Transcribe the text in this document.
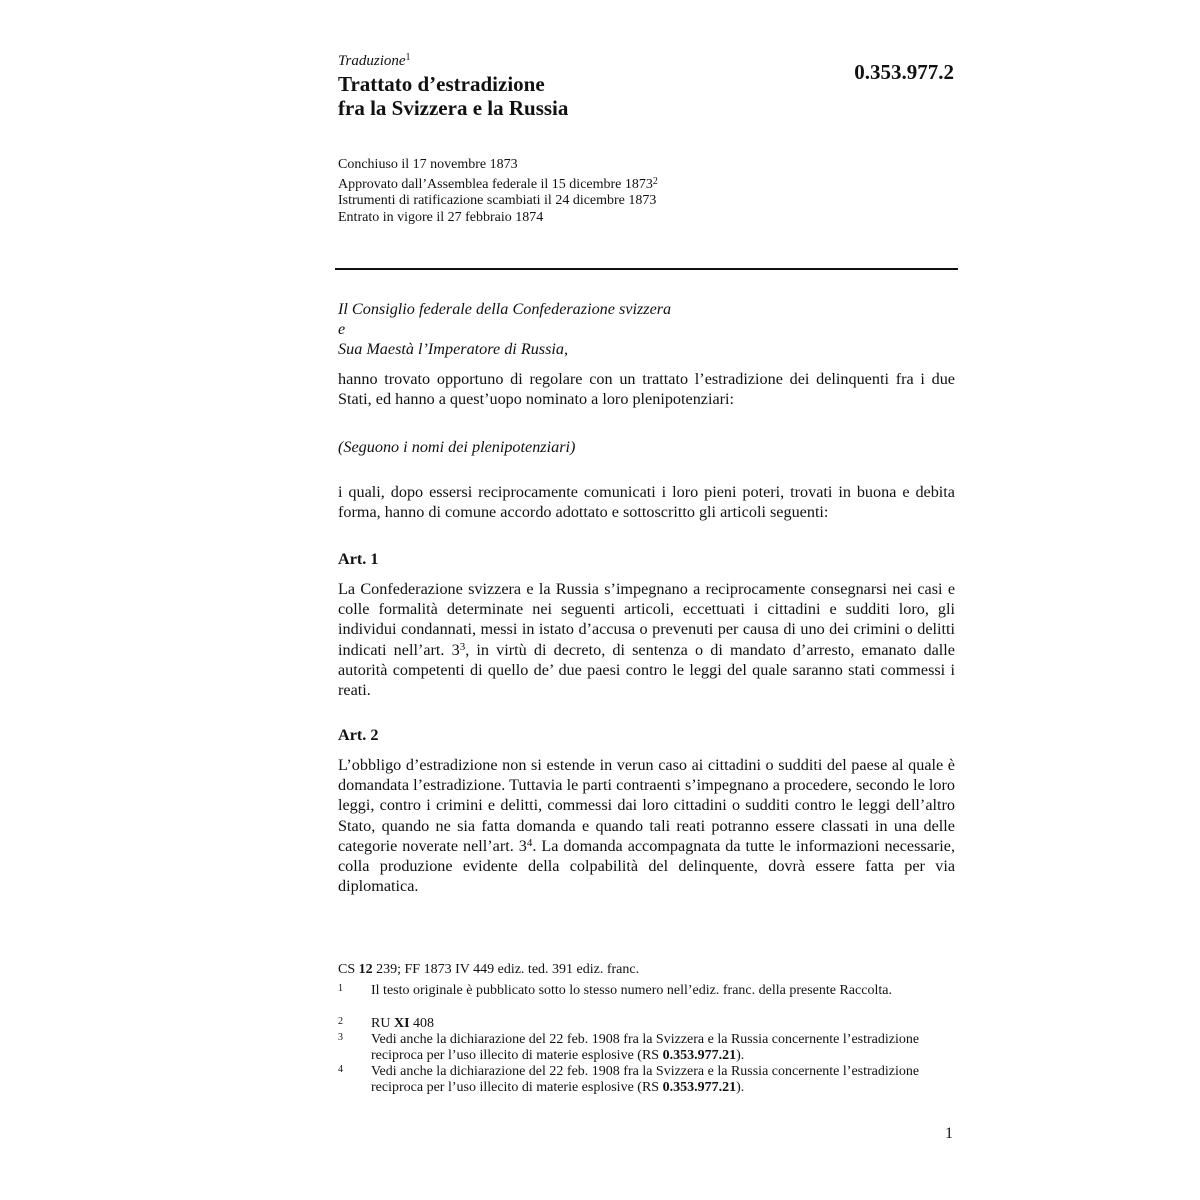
Traduzione$^1$
Trattato d’estradizione
fra la Svizzera e la Russia
0.353.977.2
Conchiuso il 17 novembre 1873
Approvato dall’Assemblea federale il 15 dicembre 1873$^2$
Istrumenti di ratificazione scambiati il 24 dicembre 1873
Entrato in vigore il 27 febbraio 1874
Il Consiglio federale della Confederazione svizzera
e
Sua Maestà l’Imperatore di Russia,
hanno trovato opportuno di regolare con un trattato l’estradizione dei delinquenti fra i due Stati, ed hanno a quest’uopo nominato a loro plenipotenziari:
(Seguono i nomi dei plenipotenziari)
i quali, dopo essersi reciprocamente comunicati i loro pieni poteri, trovati in buona e debita forma, hanno di comune accordo adottato e sottoscritto gli articoli seguenti:
Art. 1
La Confederazione svizzera e la Russia s’impegnano a reciprocamente consegnarsi nei casi e colle formalità determinate nei seguenti articoli, eccettuati i cittadini e sudditi loro, gli individui condannati, messi in istato d’accusa o prevenuti per causa di uno dei crimini o delitti indicati nell’art. $3^3$, in virtù di decreto, di sentenza o di mandato d’arresto, emanato dalle autorità competenti di quello de’ due paesi contro le leggi del quale saranno stati commessi i reati.
Art. 2
L’obbligo d’estradizione non si estende in verun caso ai cittadini o sudditi del paese al quale è domandata l’estradizione. Tuttavia le parti contraenti s’impegnano a procedere, secondo le loro leggi, contro i crimini e delitti, commessi dai loro cittadini o sudditi contro le leggi dell’altro Stato, quando ne sia fatta domanda e quando tali reati potranno essere classati in una delle categorie noverate nell’art. $3^4$. La domanda accompagnata da tutte le informazioni necessarie, colla produzione evidente della colpabilità del delinquente, dovrà essere fatta per via diplomatica.
CS 12 239; FF 1873 IV 449 ediz. ted. 391 ediz. franc.
1 Il testo originale è pubblicato sotto lo stesso numero nell’ediz. franc. della presente Raccolta.
2 RU XI 408
3 Vedi anche la dichiarazione del 22 feb. 1908 fra la Svizzera e la Russia concernente l’estradizione reciproca per l’uso illecito di materie esplosive (RS 0.353.977.21).
4 Vedi anche la dichiarazione del 22 feb. 1908 fra la Svizzera e la Russia concernente l’estradizione reciproca per l’uso illecito di materie esplosive (RS 0.353.977.21).
1
